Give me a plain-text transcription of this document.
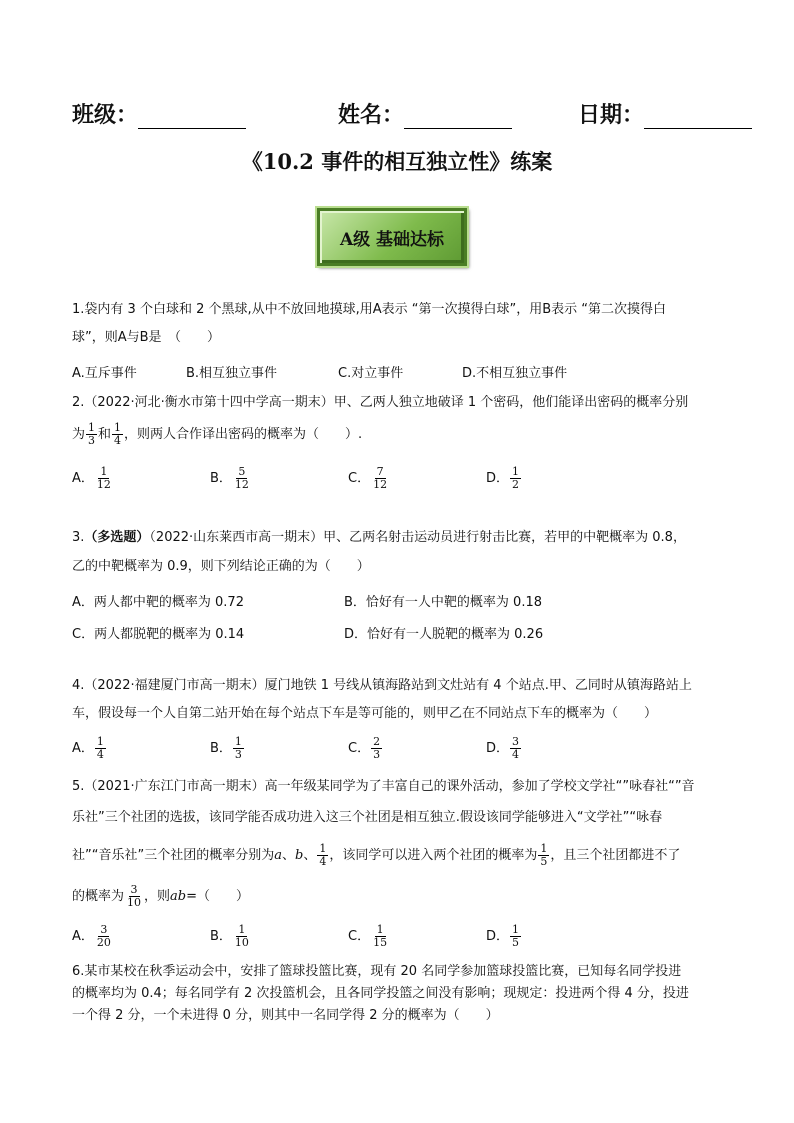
班级：	姓名：	日期：
《10.2 事件的相互独立性》练案
A级 基础达标
1.袋内有 3 个白球和 2 个黑球,从中不放回地摸球,用A表示 “第一次摸得白球”，用B表示 “第二次摸得白
球”，则A与B是　（　　）
A.互斥事件	B.相互独立事件	C.对立事件	D.不相互独立事件
2.（2022·河北·衡水市第十四中学高一期末）甲、乙两人独立地破译 1 个密码，他们能译出密码的概率分别
为 $\frac{1}{3}$ 和 $\frac{1}{4}$ ，则两人合作译出密码的概率为（　　）.
A． $\frac{1}{12}$	B． $\frac{5}{12}$	C． $\frac{7}{12}$	D． $\frac{1}{2}$
3.（多选题）（2022·山东莱西市高一期末）甲、乙两名射击运动员进行射击比赛，若甲的中靶概率为 0.8，
乙的中靶概率为 0.9，则下列结论正确的为（　　）
A．两人都中靶的概率为 0.72	B．恰好有一人中靶的概率为 0.18
C．两人都脱靶的概率为 0.14	D．恰好有一人脱靶的概率为 0.26
4.（2022·福建厦门市高一期末）厦门地铁 1 号线从镇海路站到文灶站有 4 个站点.甲、乙同时从镇海路站上
车，假设每一个人自第二站开始在每个站点下车是等可能的，则甲乙在不同站点下车的概率为（　　）
A． $\frac{1}{4}$	B． $\frac{1}{3}$	C． $\frac{2}{3}$	D． $\frac{3}{4}$
5.（2021·广东江门市高一期末）高一年级某同学为了丰富自己的课外活动，参加了学校文学社“”咏春社“”音
乐社”三个社团的选拔，该同学能否成功进入这三个社团是相互独立.假设该同学能够进入“文学社”“咏春
社”“音乐社”三个社团的概率分别为a、b、 $\frac{1}{4}$ ，该同学可以进入两个社团的概率为 $\frac{1}{5}$ ，且三个社团都进不了
的概率为 $\frac{3}{10}$ ，则ab=（　　）
A． $\frac{3}{20}$	B． $\frac{1}{10}$	C． $\frac{1}{15}$	D． $\frac{1}{5}$
6.某市某校在秋季运动会中，安排了篮球投篮比赛，现有 20 名同学参加篮球投篮比赛，已知每名同学投进
的概率均为 0.4；每名同学有 2 次投篮机会，且各同学投篮之间没有影响；现规定：投进两个得 4 分，投进
一个得 2 分，一个未进得 0 分，则其中一名同学得 2 分的概率为（　　）
